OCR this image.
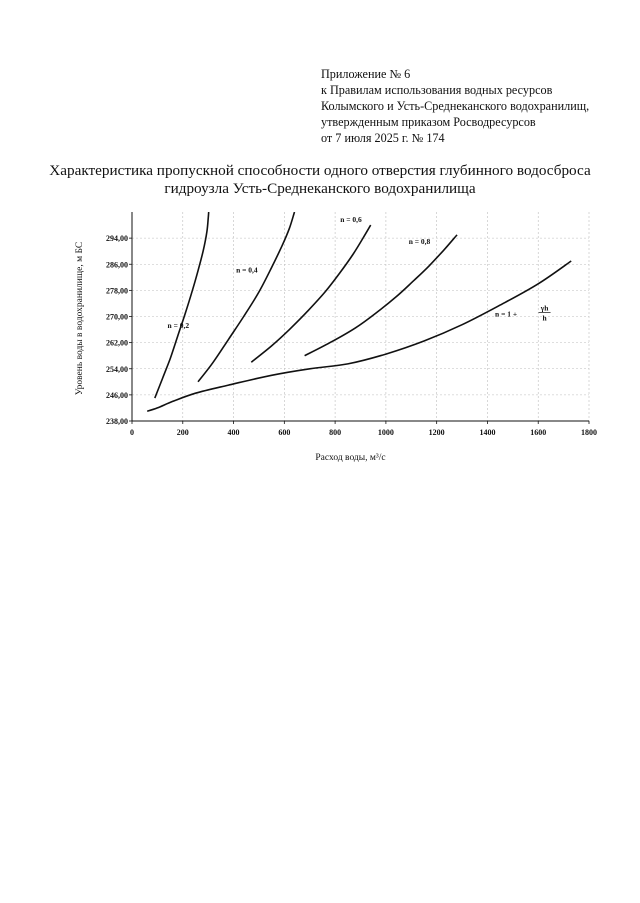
Приложение № 6
к Правилам использования водных ресурсов
Колымского и Усть-Среднеканского водохранилищ,
утвержденным приказом Росводресурсов
от 7 июля 2025 г. № 174
Характеристика пропускной способности одного отверстия глубинного водосброса
гидроузла Усть-Среднеканского водохранилища
0	200	400	600	800	1000	1200	1400	1600	1800
238,00
246,00
254,00
262,00
270,00
278,00
286,00
294,00
Расход воды, м³/с
Уровень воды в водохранилище, м БС	n = 0,2
n = 0,4
n = 0,6
n = 0,8
n = 1 +
γh
h
